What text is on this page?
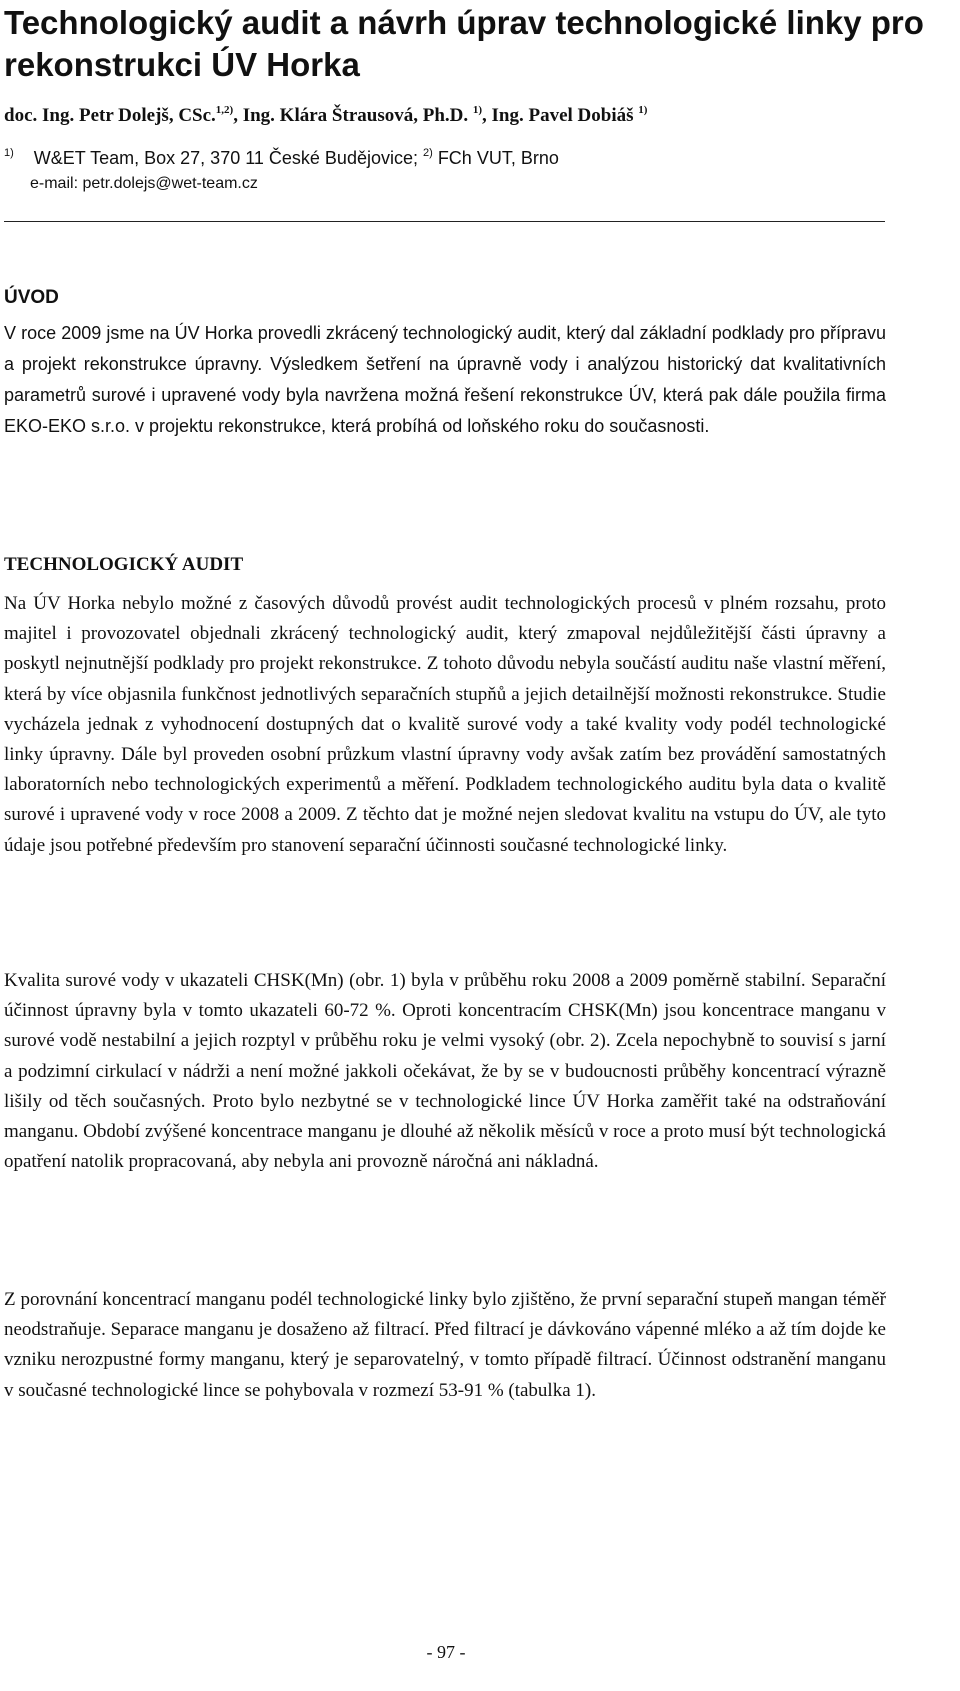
Technologický audit a návrh úprav technologické linky pro rekonstrukci ÚV Horka
doc. Ing. Petr Dolejš, CSc.$^{1,2)}$, Ing. Klára Štrausová, Ph.D. $^{1)}$, Ing. Pavel Dobiáš $^{1)}$
$^{1)}$ W&ET Team, Box 27, 370 11 České Budějovice; $^{2)}$ FCh VUT, Brno
e-mail: petr.dolejs@wet-team.cz
ÚVOD

V roce 2009 jsme na ÚV Horka provedli zkrácený technologický audit, který dal základní podklady pro přípravu a projekt rekonstrukce úpravny. Výsledkem šetření na úpravně vody i analýzou historický dat kvalitativních parametrů surové i upravené vody byla navržena možná řešení rekonstrukce ÚV, která pak dále použila firma EKO-EKO s.r.o. v projektu rekonstrukce, která probíhá od loňského roku do současnosti.

TECHNOLOGICKÝ AUDIT

Na ÚV Horka nebylo možné z časových důvodů provést audit technologických procesů v plném rozsahu, proto majitel i provozovatel objednali zkrácený technologický audit, který zmapoval nejdůležitější části úpravny a poskytl nejnutnější podklady pro projekt rekonstrukce. Z tohoto důvodu nebyla součástí auditu naše vlastní měření, která by více objasnila funkčnost jednotlivých separačních stupňů a jejich detailnější možnosti rekonstrukce. Studie vycházela jednak z vyhodnocení dostupných dat o kvalitě surové vody a také kvality vody podél technologické linky úpravny. Dále byl proveden osobní průzkum vlastní úpravny vody avšak zatím bez provádění samostatných laboratorních nebo technologických experimentů a měření. Podkladem technologického auditu byla data o kvalitě surové i upravené vody v roce 2008 a 2009. Z těchto dat je možné nejen sledovat kvalitu na vstupu do ÚV, ale tyto údaje jsou potřebné především pro stanovení separační účinnosti současné technologické linky.

Kvalita surové vody v ukazateli CHSK(Mn) (obr. 1) byla v průběhu roku 2008 a 2009 poměrně stabilní. Separační účinnost úpravny byla v tomto ukazateli 60-72 %. Oproti koncentracím CHSK(Mn) jsou koncentrace manganu v surové vodě nestabilní a jejich rozptyl v průběhu roku je velmi vysoký (obr. 2). Zcela nepochybně to souvisí s jarní a podzimní cirkulací v nádrži a není možné jakkoli očekávat, že by se v budoucnosti průběhy koncentrací výrazně lišily od těch současných. Proto bylo nezbytné se v technologické lince ÚV Horka zaměřit také na odstraňování manganu. Období zvýšené koncentrace manganu je dlouhé až několik měsíců v roce a proto musí být technologická opatření natolik propracovaná, aby nebyla ani provozně náročná ani nákladná.

Z porovnání koncentrací manganu podél technologické linky bylo zjištěno, že první separační stupeň mangan téměř neodstraňuje. Separace manganu je dosaženo až filtrací. Před filtrací je dávkováno vápenné mléko a až tím dojde ke vzniku nerozpustné formy manganu, který je separovatelný, v tomto případě filtrací. Účinnost odstranění manganu v současné technologické lince se pohybovala v rozmezí 53-91 % (tabulka 1).

- 97 -
